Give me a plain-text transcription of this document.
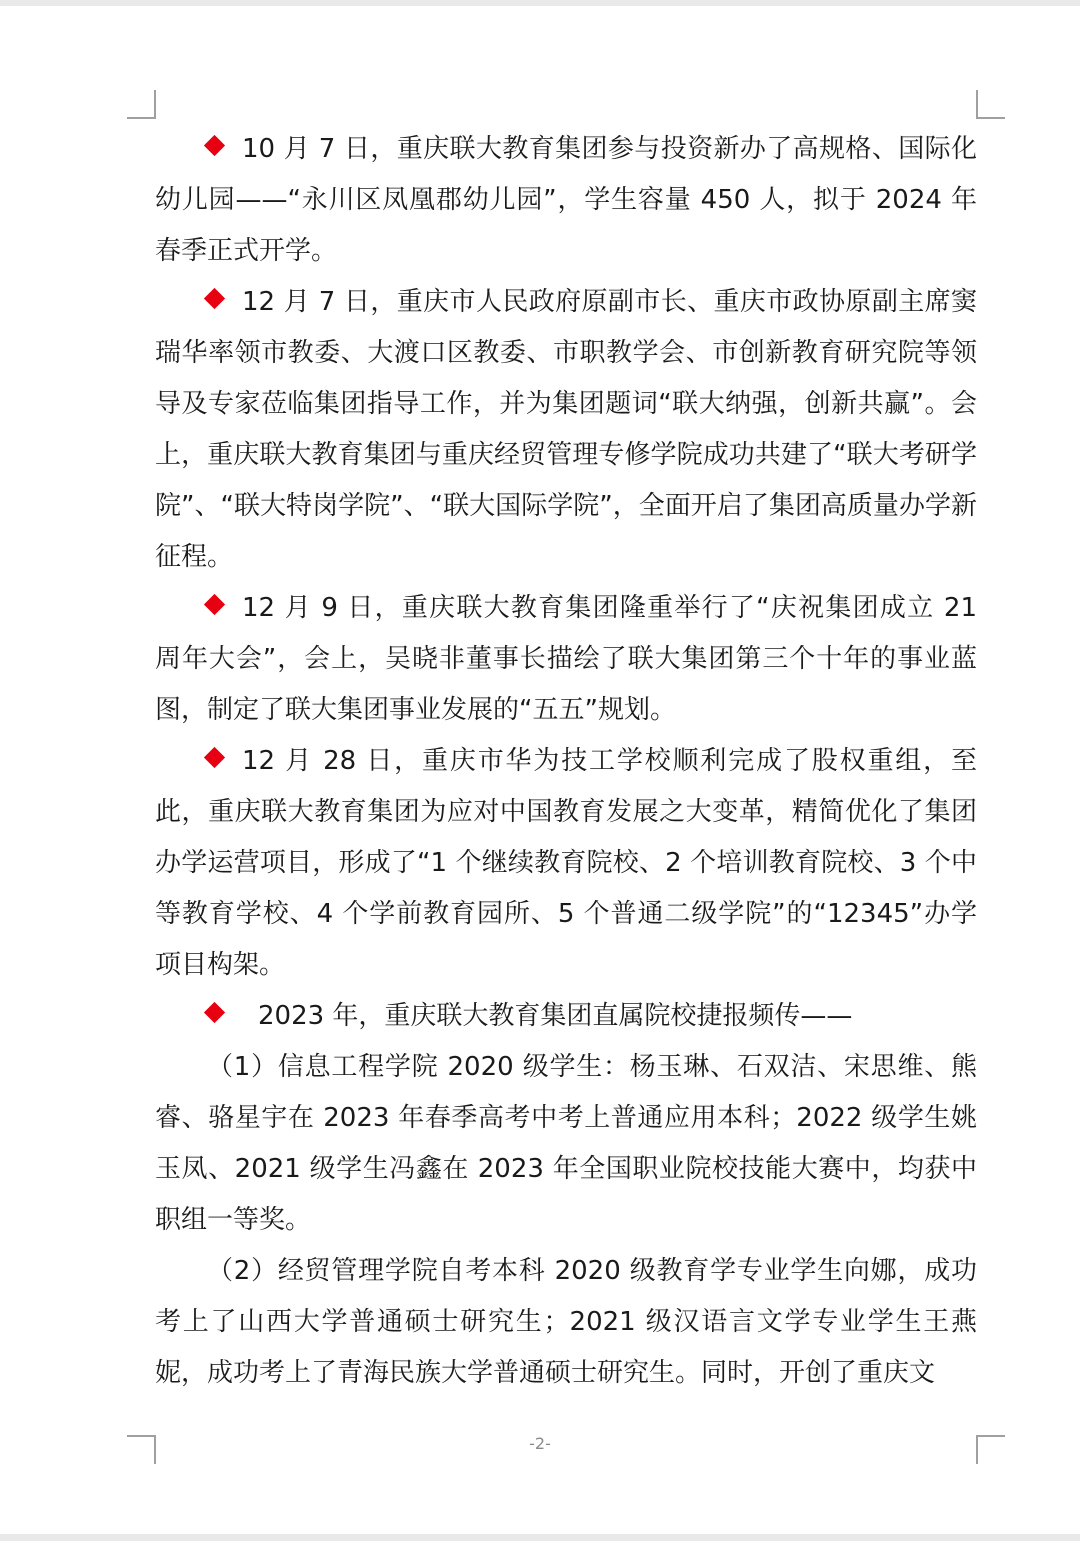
10 月 7 日，重庆联大教育集团参与投资新办了高规格、国际化幼儿园——“永川区凤凰郡幼儿园”，学生容量 450 人，拟于 2024 年春季正式开学。

12 月 7 日，重庆市人民政府原副市长、重庆市政协原副主席窦瑞华率领市教委、大渡口区教委、市职教学会、市创新教育研究院等领导及专家莅临集团指导工作，并为集团题词“联大纳强，创新共赢”。会上，重庆联大教育集团与重庆经贸管理专修学院成功共建了“联大考研学院”、“联大特岗学院”、“联大国际学院”，全面开启了集团高质量办学新征程。

12 月 9 日，重庆联大教育集团隆重举行了“庆祝集团成立 21 周年大会”，会上，吴晓非董事长描绘了联大集团第三个十年的事业蓝图，制定了联大集团事业发展的“五五”规划。

12 月 28 日，重庆市华为技工学校顺利完成了股权重组，至此，重庆联大教育集团为应对中国教育发展之大变革，精简优化了集团办学运营项目，形成了“1 个继续教育院校、2 个培训教育院校、3 个中等教育学校、4 个学前教育园所、5 个普通二级学院”的“12345”办学项目构架。

2023 年，重庆联大教育集团直属院校捷报频传——

（1）信息工程学院 2020 级学生：杨玉琳、石双洁、宋思维、熊睿、骆星宇在 2023 年春季高考中考上普通应用本科；2022 级学生姚玉凤、2021 级学生冯鑫在 2023 年全国职业院校技能大赛中，均获中职组一等奖。

（2）经贸管理学院自考本科 2020 级教育学专业学生向娜，成功考上了山西大学普通硕士研究生；2021 级汉语言文学专业学生王燕妮，成功考上了青海民族大学普通硕士研究生。同时，开创了重庆文

-2-
